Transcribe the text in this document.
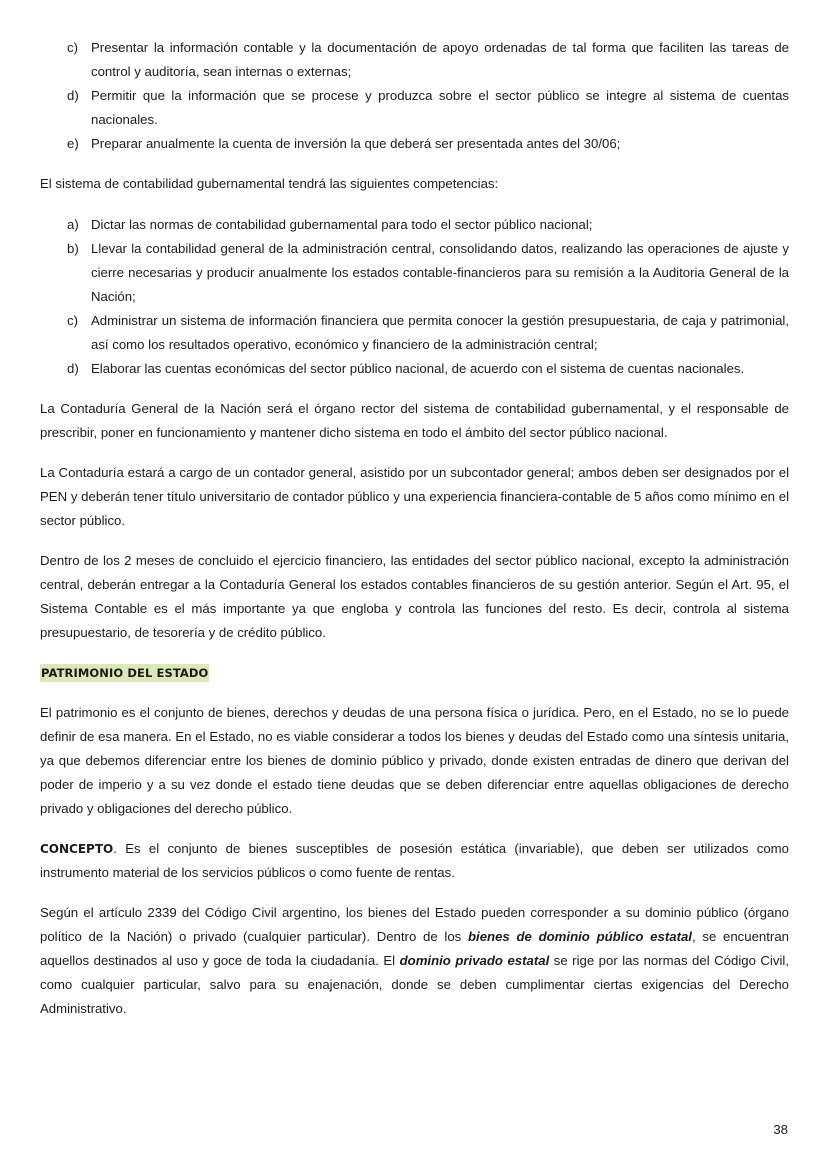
c) Presentar la información contable y la documentación de apoyo ordenadas de tal forma que faciliten las tareas de control y auditoría, sean internas o externas;
d) Permitir que la información que se procese y produzca sobre el sector público se integre al sistema de cuentas nacionales.
e) Preparar anualmente la cuenta de inversión la que deberá ser presentada antes del 30/06;

El sistema de contabilidad gubernamental tendrá las siguientes competencias:

a) Dictar las normas de contabilidad gubernamental para todo el sector público nacional;
b) Llevar la contabilidad general de la administración central, consolidando datos, realizando las operaciones de ajuste y cierre necesarias y producir anualmente los estados contable-financieros para su remisión a la Auditoria General de la Nación;
c) Administrar un sistema de información financiera que permita conocer la gestión presupuestaria, de caja y patrimonial, así como los resultados operativo, económico y financiero de la administración central;
d) Elaborar las cuentas económicas del sector público nacional, de acuerdo con el sistema de cuentas nacionales.

La Contaduría General de la Nación será el órgano rector del sistema de contabilidad gubernamental, y el responsable de prescribir, poner en funcionamiento y mantener dicho sistema en todo el ámbito del sector público nacional.

La Contaduría estará a cargo de un contador general, asistido por un subcontador general; ambos deben ser designados por el PEN y deberán tener título universitario de contador público y una experiencia financiera-contable de 5 años como mínimo en el sector público.

Dentro de los 2 meses de concluido el ejercicio financiero, las entidades del sector público nacional, excepto la administración central, deberán entregar a la Contaduría General los estados contables financieros de su gestión anterior. Según el Art. 95, el Sistema Contable es el más importante ya que engloba y controla las funciones del resto. Es decir, controla al sistema presupuestario, de tesorería y de crédito público.

PATRIMONIO DEL ESTADO

El patrimonio es el conjunto de bienes, derechos y deudas de una persona física o jurídica. Pero, en el Estado, no se lo puede definir de esa manera. En el Estado, no es viable considerar a todos los bienes y deudas del Estado como una síntesis unitaria, ya que debemos diferenciar entre los bienes de dominio público y privado, donde existen entradas de dinero que derivan del poder de imperio y a su vez donde el estado tiene deudas que se deben diferenciar entre aquellas obligaciones de derecho privado y obligaciones del derecho público.

CONCEPTO. Es el conjunto de bienes susceptibles de posesión estática (invariable), que deben ser utilizados como instrumento material de los servicios públicos o como fuente de rentas.

Según el artículo 2339 del Código Civil argentino, los bienes del Estado pueden corresponder a su dominio público (órgano político de la Nación) o privado (cualquier particular). Dentro de los bienes de dominio público estatal, se encuentran aquellos destinados al uso y goce de toda la ciudadanía. El dominio privado estatal se rige por las normas del Código Civil, como cualquier particular, salvo para su enajenación, donde se deben cumplimentar ciertas exigencias del Derecho Administrativo.

38
